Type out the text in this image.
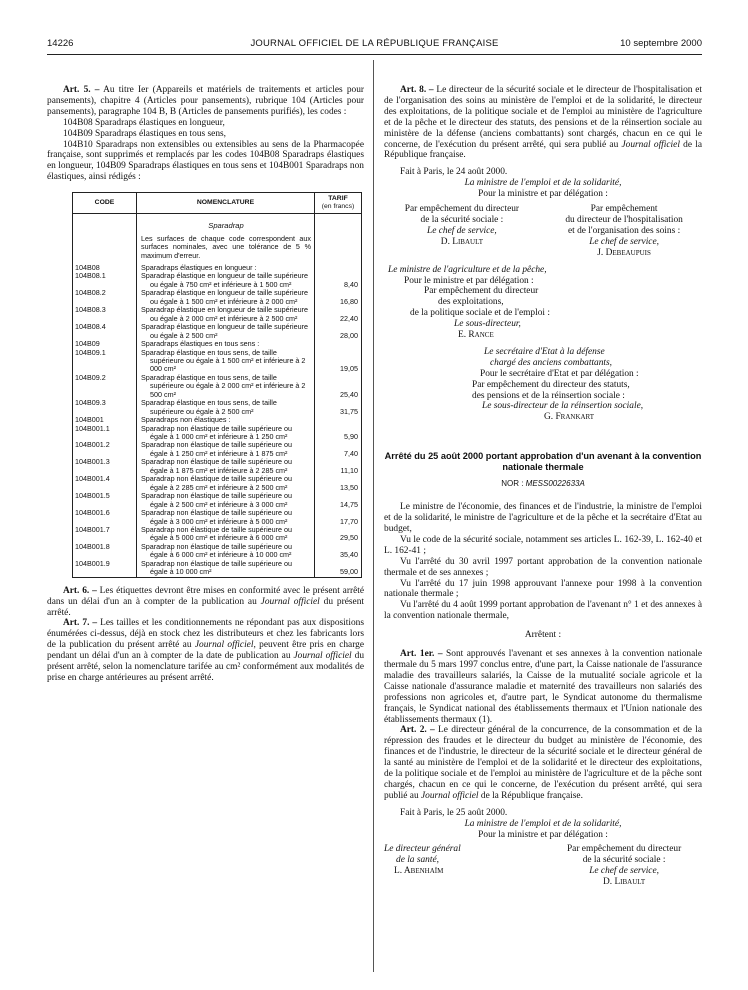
14226	JOURNAL OFFICIEL DE LA RÉPUBLIQUE FRANÇAISE	10 septembre 2000

Art. 5. – Au titre Ier (Appareils et matériels de traitements et articles pour pansements), chapitre 4 (Articles pour pansements), rubrique 104 (Articles pour pansements), paragraphe 104 B, B (Articles de pansements purifiés), les codes :

104B08 Sparadraps élastiques en longueur,

104B09 Sparadraps élastiques en tous sens,

104B10 Sparadraps non extensibles ou extensibles au sens de la Pharmacopée française, sont supprimés et remplacés par les codes 104B08 Sparadraps élastiques en longueur, 104B09 Sparadraps élastiques en tous sens et 104B001 Sparadraps non élastiques, ainsi rédigés :

CODE	NOMENCLATURE	TARIF
(en francs)

	Sparadrap
Les surfaces de chaque code correspondent aux surfaces nominales, avec une tolérance de 5 % maximum d'erreur.	

104B08	Sparadraps élastiques en longueur :	

104B08.1	Sparadrap élastique en longueur de taille supérieure ou égale à 750 cm² et inférieure à 1 500 cm²	8,40
104B08.2	Sparadrap élastique en longueur de taille supérieure ou égale à 1 500 cm² et inférieure à 2 000 cm²	16,80
104B08.3	Sparadrap élastique en longueur de taille supérieure ou égale à 2 000 cm² et inférieure à 2 500 cm²	22,40
104B08.4	Sparadrap élastique en longueur de taille supérieure ou égale à 2 500 cm²	28,00
104B09	Sparadraps élastiques en tous sens :	

104B09.1	Sparadrap élastique en tous sens, de taille supérieure ou égale à 1 500 cm² et inférieure à 2 000 cm²	19,05
104B09.2	Sparadrap élastique en tous sens, de taille supérieure ou égale à 2 000 cm² et inférieure à 2 500 cm²	25,40
104B09.3	Sparadrap élastique en tous sens, de taille supérieure ou égale à 2 500 cm²	31,75
104B001	Sparadraps non élastiques :	

104B001.1	Sparadrap non élastique de taille supérieure ou égale à 1 000 cm² et inférieure à 1 250 cm²	5,90
104B001.2	Sparadrap non élastique de taille supérieure ou égale à 1 250 cm² et inférieure à 1 875 cm²	7,40
104B001.3	Sparadrap non élastique de taille supérieure ou égale à 1 875 cm² et inférieure à 2 285 cm²	11,10
104B001.4	Sparadrap non élastique de taille supérieure ou égale à 2 285 cm² et inférieure à 2 500 cm²	13,50
104B001.5	Sparadrap non élastique de taille supérieure ou égale à 2 500 cm² et inférieure à 3 000 cm²	14,75
104B001.6	Sparadrap non élastique de taille supérieure ou égale à 3 000 cm² et inférieure à 5 000 cm²	17,70
104B001.7	Sparadrap non élastique de taille supérieure ou égale à 5 000 cm² et inférieure à 6 000 cm²	29,50
104B001.8	Sparadrap non élastique de taille supérieure ou égale à 6 000 cm² et inférieure à 10 000 cm²	35,40
104B001.9	Sparadrap non élastique de taille supérieure ou égale à 10 000 cm²	59,00

Art. 6. – Les étiquettes devront être mises en conformité avec le présent arrêté dans un délai d'un an à compter de la publication au Journal officiel du présent arrêté.

Art. 7. – Les tailles et les conditionnements ne répondant pas aux dispositions énumérées ci-dessus, déjà en stock chez les distributeurs et chez les fabricants lors de la publication du présent arrêté au Journal officiel, peuvent être pris en charge pendant un délai d'un an à compter de la date de publication au Journal officiel du présent arrêté, selon la nomenclature tarifée au cm² conformément aux modalités de prise en charge antérieures au présent arrêté.

Art. 8. – Le directeur de la sécurité sociale et le directeur de l'hospitalisation et de l'organisation des soins au ministère de l'emploi et de la solidarité, le directeur des exploitations, de la politique sociale et de l'emploi au ministère de l'agriculture et de la pêche et le directeur des statuts, des pensions et de la réinsertion sociale au ministère de la défense (anciens combattants) sont chargés, chacun en ce qui le concerne, de l'exécution du présent arrêté, qui sera publié au Journal officiel de la République française.

Fait à Paris, le 24 août 2000.

La ministre de l'emploi et de la solidarité,

Pour la ministre et par délégation :

Par empêchement du directeur
de la sécurité sociale :
Le chef de service,
D. Libault
Par empêchement
du directeur de l'hospitalisation
et de l'organisation des soins :
Le chef de service,
J. Debeaupuis

Le ministre de l'agriculture et de la pêche,

Pour le ministre et par délégation :

Par empêchement du directeur
des exploitations,
de la politique sociale et de l'emploi :
Le sous-directeur,
E. Rance
Le secrétaire d'Etat à la défense
chargé des anciens combattants,
Pour le secrétaire d'Etat et par délégation :
Par empêchement du directeur des statuts,
des pensions et de la réinsertion sociale :
Le sous-directeur de la réinsertion sociale,
G. Frankart

Arrêté du 25 août 2000 portant approbation d'un avenant à la convention nationale thermale

NOR : MESS0022633A

Le ministre de l'économie, des finances et de l'industrie, la ministre de l'emploi et de la solidarité, le ministre de l'agriculture et de la pêche et la secrétaire d'Etat au budget,

Vu le code de la sécurité sociale, notamment ses articles L. 162-39, L. 162-40 et L. 162-41 ;

Vu l'arrêté du 30 avril 1997 portant approbation de la convention nationale thermale et de ses annexes ;

Vu l'arrêté du 17 juin 1998 approuvant l'annexe pour 1998 à la convention nationale thermale ;

Vu l'arrêté du 4 août 1999 portant approbation de l'avenant n° 1 et des annexes à la convention nationale thermale,

Arrêtent :

Art. 1er. – Sont approuvés l'avenant et ses annexes à la convention nationale thermale du 5 mars 1997 conclus entre, d'une part, la Caisse nationale de l'assurance maladie des travailleurs salariés, la Caisse de la mutualité sociale agricole et la Caisse nationale d'assurance maladie et maternité des travailleurs non salariés des professions non agricoles et, d'autre part, le Syndicat autonome du thermalisme français, le Syndicat national des établissements thermaux et l'Union nationale des établissements thermaux (1).

Art. 2. – Le directeur général de la concurrence, de la consommation et de la répression des fraudes et le directeur du budget au ministère de l'économie, des finances et de l'industrie, le directeur de la sécurité sociale et le directeur général de la santé au ministère de l'emploi et de la solidarité et le directeur des exploitations, de la politique sociale et de l'emploi au ministère de l'agriculture et de la pêche sont chargés, chacun en ce qui le concerne, de l'exécution du présent arrêté, qui sera publié au Journal officiel de la République française.

Fait à Paris, le 25 août 2000.

La ministre de l'emploi et de la solidarité,

Pour la ministre et par délégation :

Le directeur général
de la santé,
L. Abenhaïm
Par empêchement du directeur
de la sécurité sociale :
Le chef de service,
D. Libault
